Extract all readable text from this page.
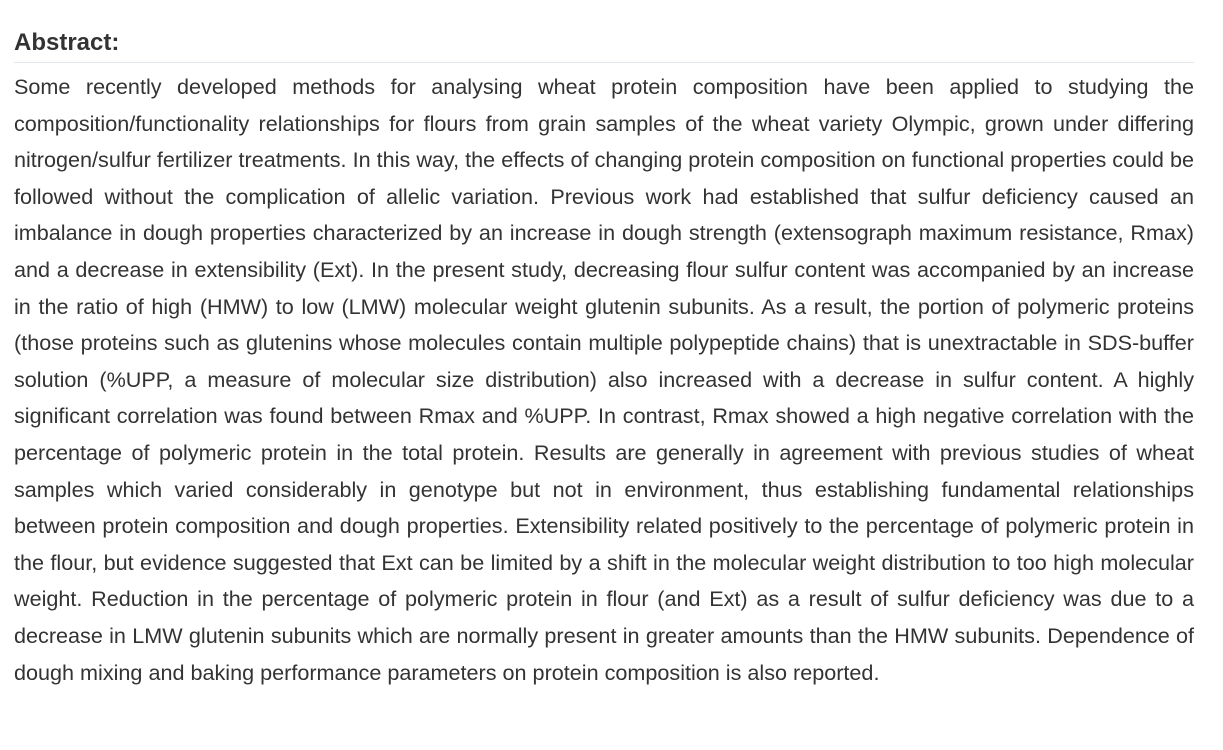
Abstract:

Some recently developed methods for analysing wheat protein composition have been applied to studying the composition/functionality relationships for flours from grain samples of the wheat variety Olympic, grown under differing nitrogen/sulfur fertilizer treatments. In this way, the effects of changing protein composition on functional properties could be followed without the complication of allelic variation. Previous work had established that sulfur deficiency caused an imbalance in dough properties characterized by an increase in dough strength (extensograph maximum resistance, Rmax) and a decrease in extensibility (Ext). In the present study, decreasing flour sulfur content was accompanied by an increase in the ratio of high (HMW) to low (LMW) molecular weight glutenin subunits. As a result, the portion of polymeric proteins (those proteins such as glutenins whose molecules contain multiple polypeptide chains) that is unextractable in SDS-buffer solution (%UPP, a measure of molecular size distribution) also increased with a decrease in sulfur content. A highly significant correlation was found between Rmax and %UPP. In contrast, Rmax showed a high negative correlation with the percentage of polymeric protein in the total protein. Results are generally in agreement with previous studies of wheat samples which varied considerably in genotype but not in environment, thus establishing fundamental relationships between protein composition and dough properties. Extensibility related positively to the percentage of polymeric protein in the flour, but evidence suggested that Ext can be limited by a shift in the molecular weight distribution to too high molecular weight. Reduction in the percentage of polymeric protein in flour (and Ext) as a result of sulfur deficiency was due to a decrease in LMW glutenin subunits which are normally present in greater amounts than the HMW subunits. Dependence of dough mixing and baking performance parameters on protein composition is also reported.
